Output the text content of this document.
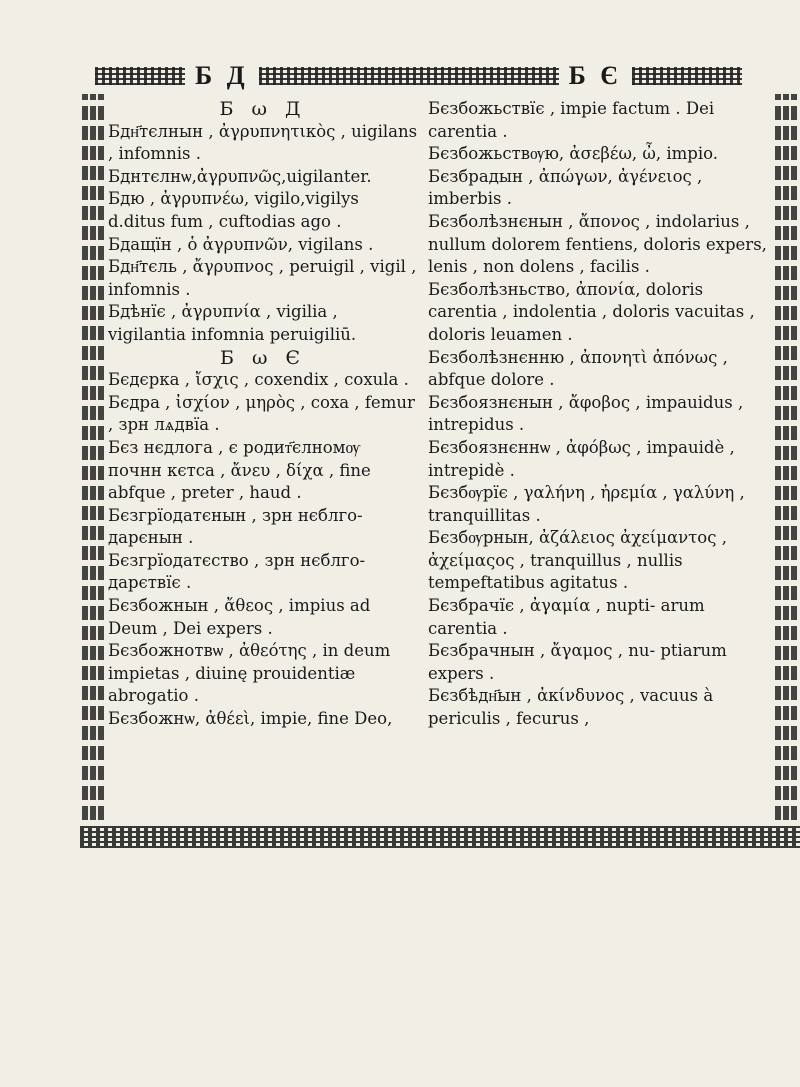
Б Д	Б Є

Б ω Д

Бдн҃тєлнын , ἀγρυπνητικὸς , uigilans , infomnis .

Бднтєлнѡ,ἀγρυπνῶς,uigilanter.

Бдю , ἀγρυπνέω, vigilo,vigilys d.ditus fum , cuftodias ago .

Бдащїн , ὁ ἀγρυπνῶν, vigilans .

Бдн҃тєль , ἄγρυπνος , peruigil , vigil , infomnis .

Бдѣнїє , ἀγρυπνία , vigilia , vigilantia infomnia peruigiliū.

Б ω Є

Бєдєрка , ἴσχις , coxendix , coxula .

Бєдра , ἰσχίον , μηρὸς , coxa , femur , зрн лѧдвїа .

Бєз нєдлога , є родит҃єлномѹ почнн кєтса , ἄνευ , δίχα , fine abfque , preter , haud .

Бєзгрїодатєнын , зрн нєблго- дарєнын .

Бєзгрїодатєство , зрн нєблго- дарєтвїє .

Бєзбожнын , ἄθεος , impius ad Deum , Dei expers .

Бєзбожнотвѡ , ἀθεότης , in deum impietas , diuinę prouidentiæ abrogatio .

Бєзбожнѡ, ἀθέεὶ, impie, fine Deo,

Бєзбожьствїє , impie factum . Dei carentia .

Бєзбожьствѹю, ἀσεβέω, ὦ, impio.

Бєзбрадын , ἀπώγων, ἀγένειος , imberbis .

Бєзболѣзнєнын , ἄπονος , indolarius , nullum dolorem fentiens, doloris expers, lenis , non dolens , facilis .

Бєзболѣзньство, ἀπονία, doloris carentia , indolentia , doloris vacuitas , doloris leuamen .

Бєзболѣзнєнню , ἀπονητὶ ἀπόνως , abfque dolore .

Бєзбоязнєнын , ἄφοβος , impauidus , intrepidus .

Бєзбоязнєннѡ , ἀφόβως , impauidè , intrepidè .

Бєзбѹрїє , γαλήνη , ἠρεμία , γαλύνη , tranquillitas .

Бєзбѹрнын, ἀζάλειος ἀχείμαντος , ἀχείμαςος , tranquillus , nullis tempeftatibus agitatus .

Бєзбрачїє , ἀγαμία , nupti- arum carentia .

Бєзбрачнын , ἄγαμος , nu- ptiarum expers .

Бєзбѣдн҃ын , ἀκίνδυνος , vacuus à periculis , fecurus ,
